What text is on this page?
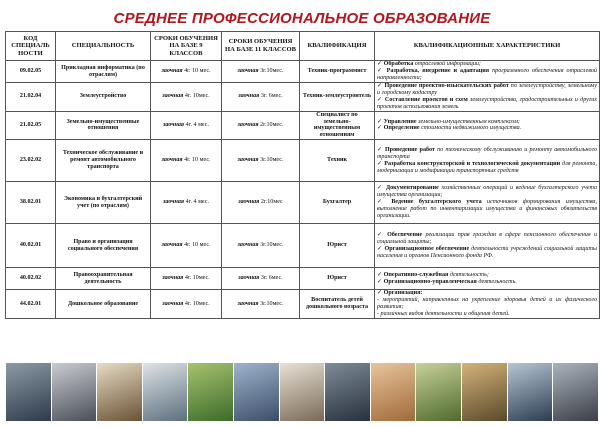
СРЕДНЕЕ ПРОФЕССИОНАЛЬНОЕ ОБРАЗОВАНИЕ
КОД СПЕЦИАЛЬ НОСТИ	СПЕЦИАЛЬНОСТЬ	СРОКИ ОБУЧЕНИЯ НА БАЗЕ 9 КЛАССОВ	СРОКИ ОБУЧЕНИЯ НА БАЗЕ 11 КЛАССОВ	КВАЛИФИКАЦИЯ	КВАЛИФИКАЦИОННЫЕ ХАРАКТЕРИСТИКИ
09.02.05	Прикладная информатика (по отраслям)	заочная 4г. 10 мес.	заочная 3г.10мес.	Техник-программист	✓ Обработка отраслевой информации;
✓ Разработка, внедрение и адаптация программного обеспечения отраслевой направленности;

21.02.04	Землеустройство	заочная 4г. 10мес.	заочная 3г. 6мес.	Техник-землеустроитель	✓ Проведение проектно-изыскательских работ по землеустройству, земельному и городскому кадастру
✓ Составление проектов и схем землеустройства, градостроительных и других проектов использования земель

21.02.05	Земельно-имущественные отношения	заочная 4г. 4 мес.	заочная 2г.10мес.	Специалист по земельно-имущественным отношениям	✓ Управление земельно-имущественным комплексом;
✓ Определение стоимости недвижимого имущества.

23.02.02	Техническое обслуживание и ремонт автомобильного транспорта	заочная 4г. 10 мес.	заочная 3г.10мес.	Техник	✓ Проведение работ по техническому обслуживанию и ремонту автомобильного транспорта
✓ Разработка конструкторской и технологической документации для ремонта, модернизации и модификации транспортных средств

38.02.01	Экономика и бухгалтерский учет (по отраслям)	заочная 4г. 4 мес.	заочная 2г.10мес	Бухгалтер	✓ Документирование хозяйственных операций и ведение бухгалтерского учета имущества организации;
✓ Ведение бухгалтерского учета источников формирования имущества, выполнение работ по инвентаризации имущества и финансовых обязательств организации.

40.02.01	Право и организация социального обеспечения	заочная 4г. 10 мес.	заочная 3г.10мес.	Юрист	✓ Обеспечение реализации прав граждан в сфере пенсионного обеспечения и социальной защиты;
✓ Организационное обеспечение деятельности учреждений социальной защиты населения и органов Пенсионного фонда РФ.

40.02.02	Правоохранительная деятельность	заочная 4г. 10мес.	заочная 3г. 6мес.	Юрист	✓ Оперативно-служебная деятельность;
✓ Организационно-управленческая деятельность.

44.02.01	Дошкольное образование	заочная 4г. 10мес.	заочная 3г.10мес.	Воспитатель детей дошкольного возраста	✓ Организация:
- мероприятий, направленных на укрепление здоровья детей и их физического развития;
- различных видов деятельности и общения детей.
